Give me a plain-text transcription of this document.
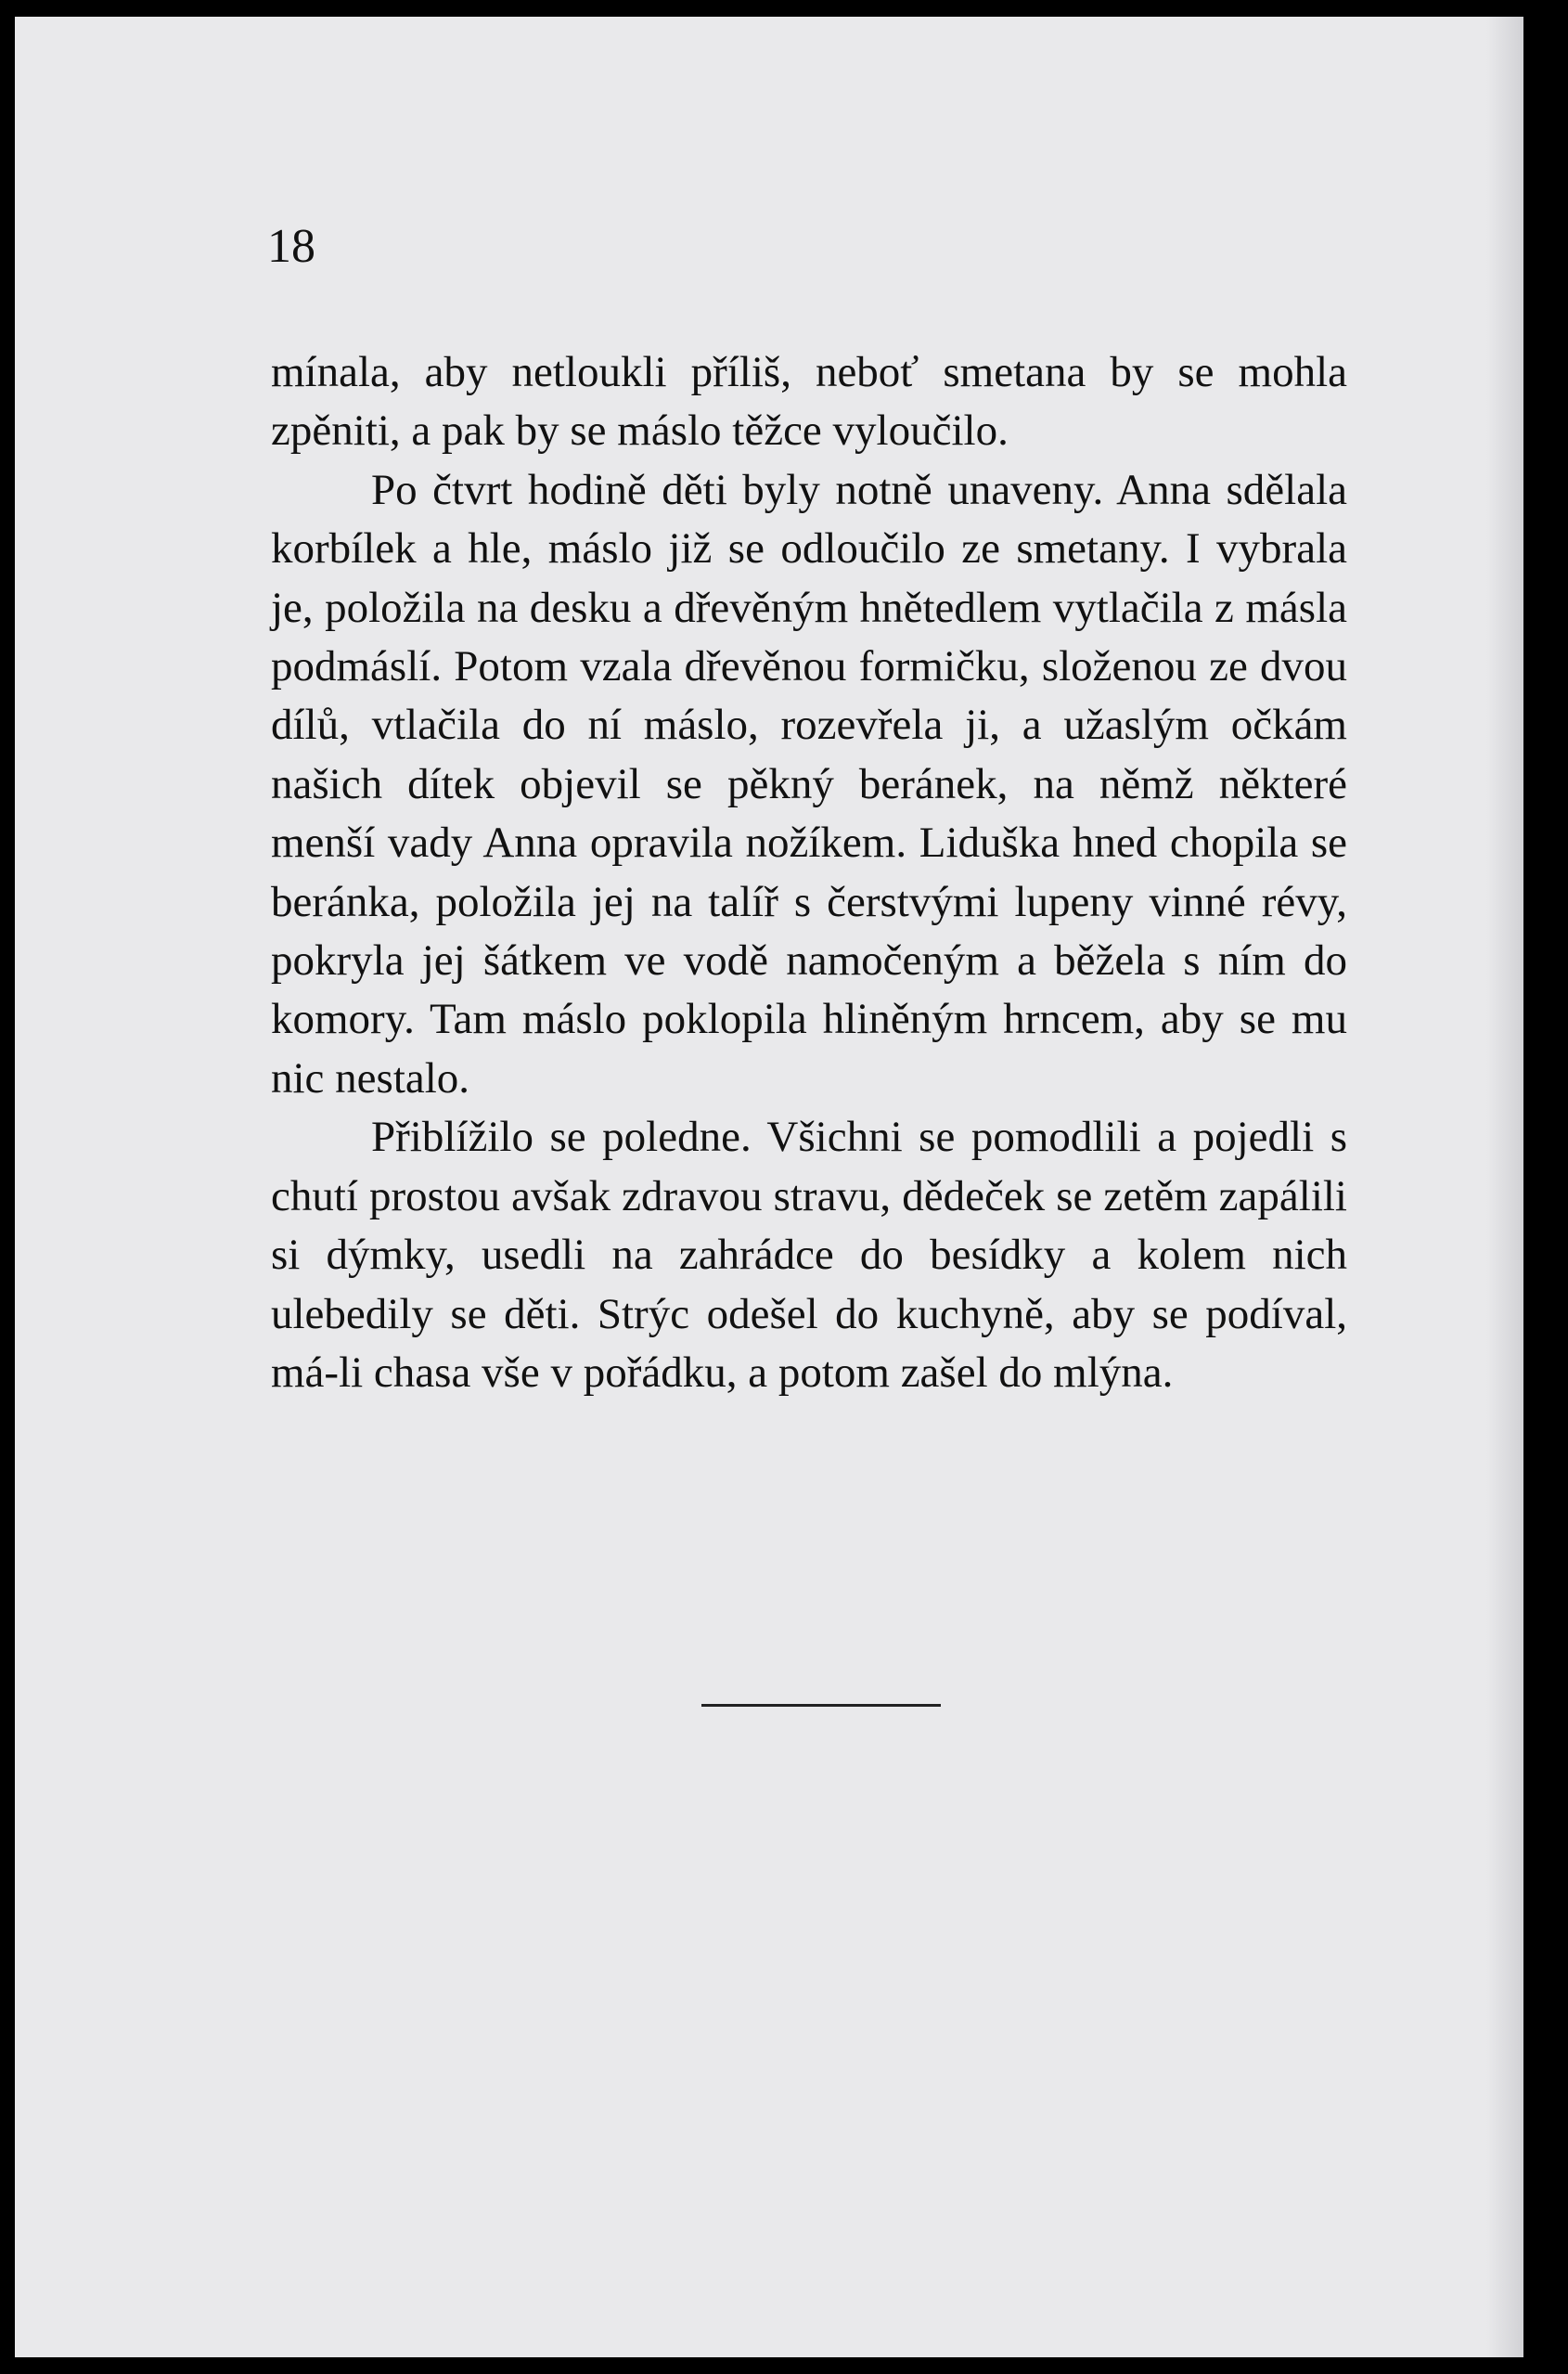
18

mínala, aby netloukli příliš, neboť smetana by se mohla zpěniti, a pak by se máslo těžce vyloučilo.

Po čtvrt hodině děti byly notně unaveny. Anna sdělala korbílek a hle, máslo již se odloučilo ze smetany. I vybrala je, položila na desku a dřevěným hnětedlem vytlačila z másla podmáslí. Potom vzala dřevěnou formičku, složenou ze dvou dílů, vtlačila do ní máslo, rozevřela ji, a užaslým očkám našich dítek objevil se pěkný beránek, na němž některé menší vady Anna opravila nožíkem. Liduška hned chopila se beránka, položila jej na talíř s čerstvými lupeny vinné révy, pokryla jej šátkem ve vodě namočeným a běžela s ním do komory. Tam máslo poklopila hliněným hrncem, aby se mu nic nestalo.

Přiblížilo se poledne. Všichni se pomodlili a pojedli s chutí prostou avšak zdravou stravu, dědeček se zetěm zapálili si dýmky, usedli na zahrádce do besídky a kolem nich ulebedily se děti. Strýc odešel do kuchyně, aby se podíval, má-li chasa vše v pořádku, a potom zašel do mlýna.
